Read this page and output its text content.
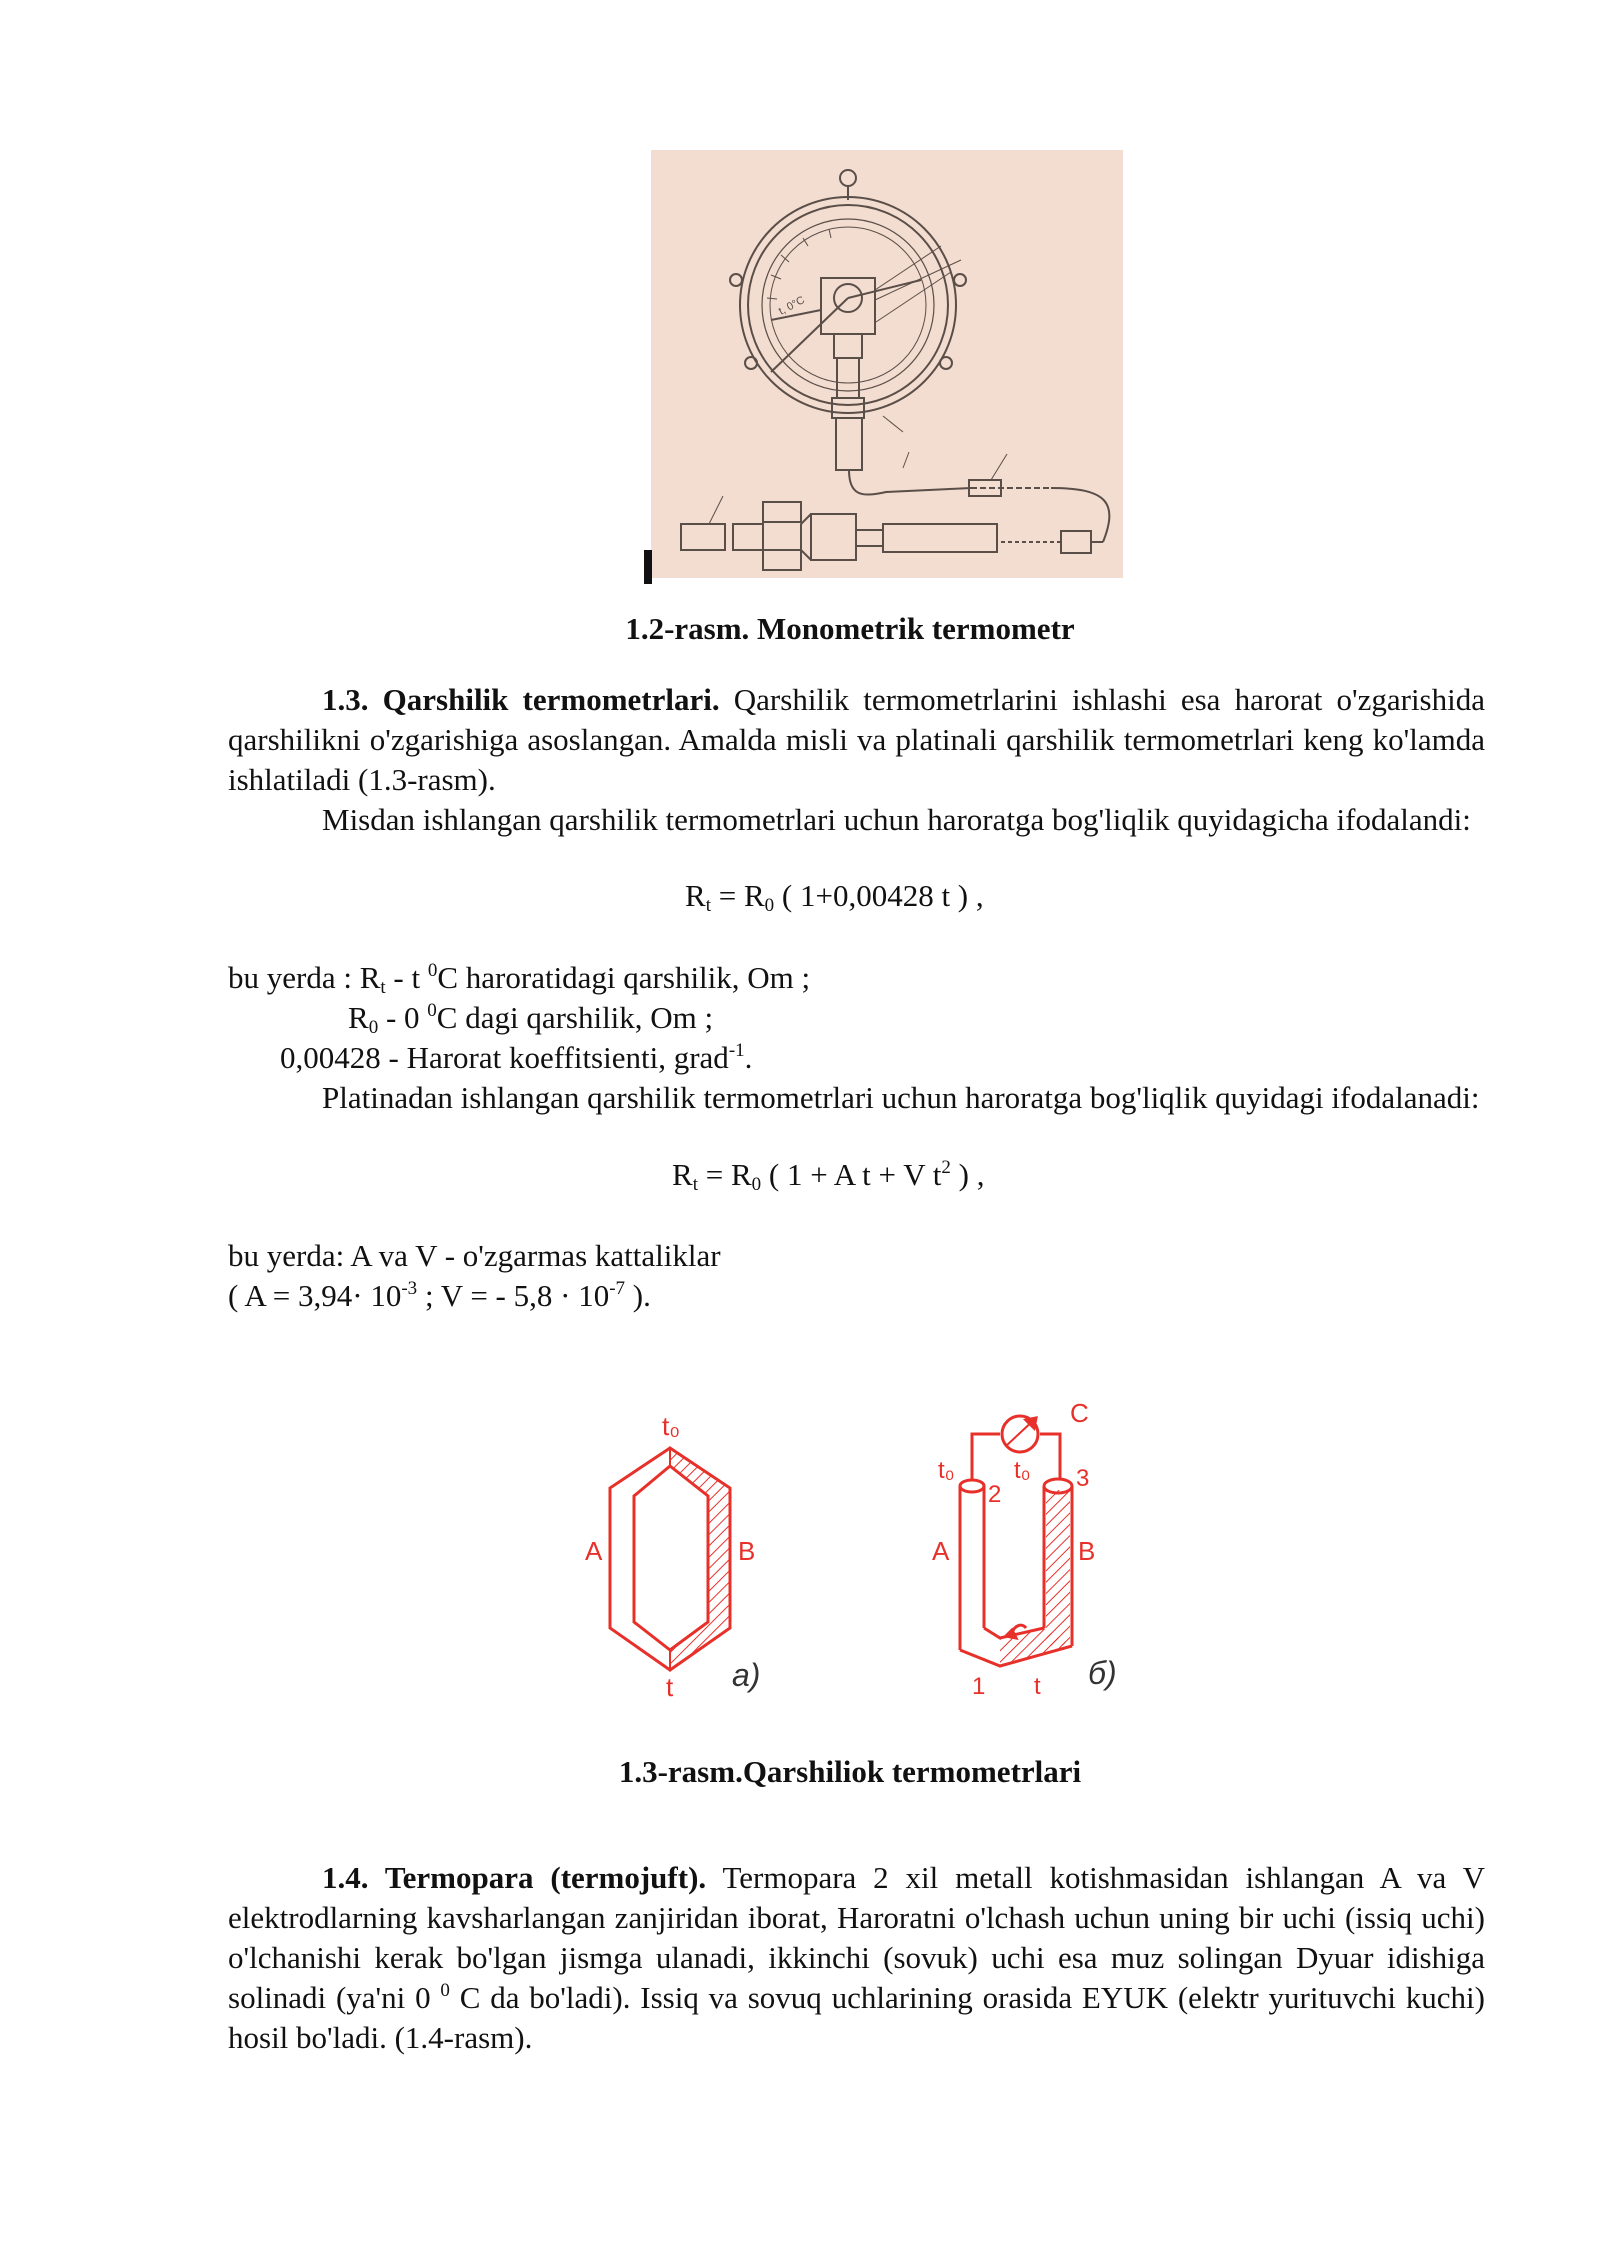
t, 0°C
1.2-rasm. Monometrik termometr
1.3. Qarshilik termometrlari. Qarshilik termometrlarini ishlashi esa harorat o'zgarishida qarshilikni o'zgarishiga asoslangan. Amalda misli va platinali qarshilik termometrlari keng ko'lamda ishlatiladi (1.3-rasm).
Misdan ishlangan qarshilik termometrlari uchun haroratga bog'liqlik quyidagicha ifodalandi:
$R_t = R_0$ ( 1+0,00428 t ) ,
bu yerda : $R_t$ - t $^0$C haroratidagi qarshilik, Om ;
$R_0 - 0$ $^0$C dagi qarshilik, Om ;
0,00428 - Harorat koeffitsienti, grad$^{-1}$.
Platinadan ishlangan qarshilik termometrlari uchun haroratga bog'liqlik quyidagi ifodalanadi:
$R_t = R_0$ ( 1 + A t + V $t^2$ ) ,
bu yerda: A va V - o'zgarmas kattaliklar
( $A = 3,94\cdot 10^{-3}$ ; V = - $5,8 \cdot 10^{-7}$ ).
t₀
A	B
t a)
C
t₀
2
t₀ 3
A	B
1 t б)
1.3-rasm.Qarshiliok termometrlari
1.4. Termopara (termojuft). Termopara 2 xil metall kotishmasidan ishlangan A va V elektrodlarning kavsharlangan zanjiridan iborat, Haroratni o'lchash uchun uning bir uchi (issiq uchi) o'lchanishi kerak bo'lgan jismga ulanadi, ikkinchi (sovuk) uchi esa muz solingan Dyuar idishiga solinadi (ya'ni 0 $^0$ C da bo'ladi). Issiq va sovuq uchlarining orasida EYUK (elektr yurituvchi kuchi) hosil bo'ladi. (1.4-rasm).
